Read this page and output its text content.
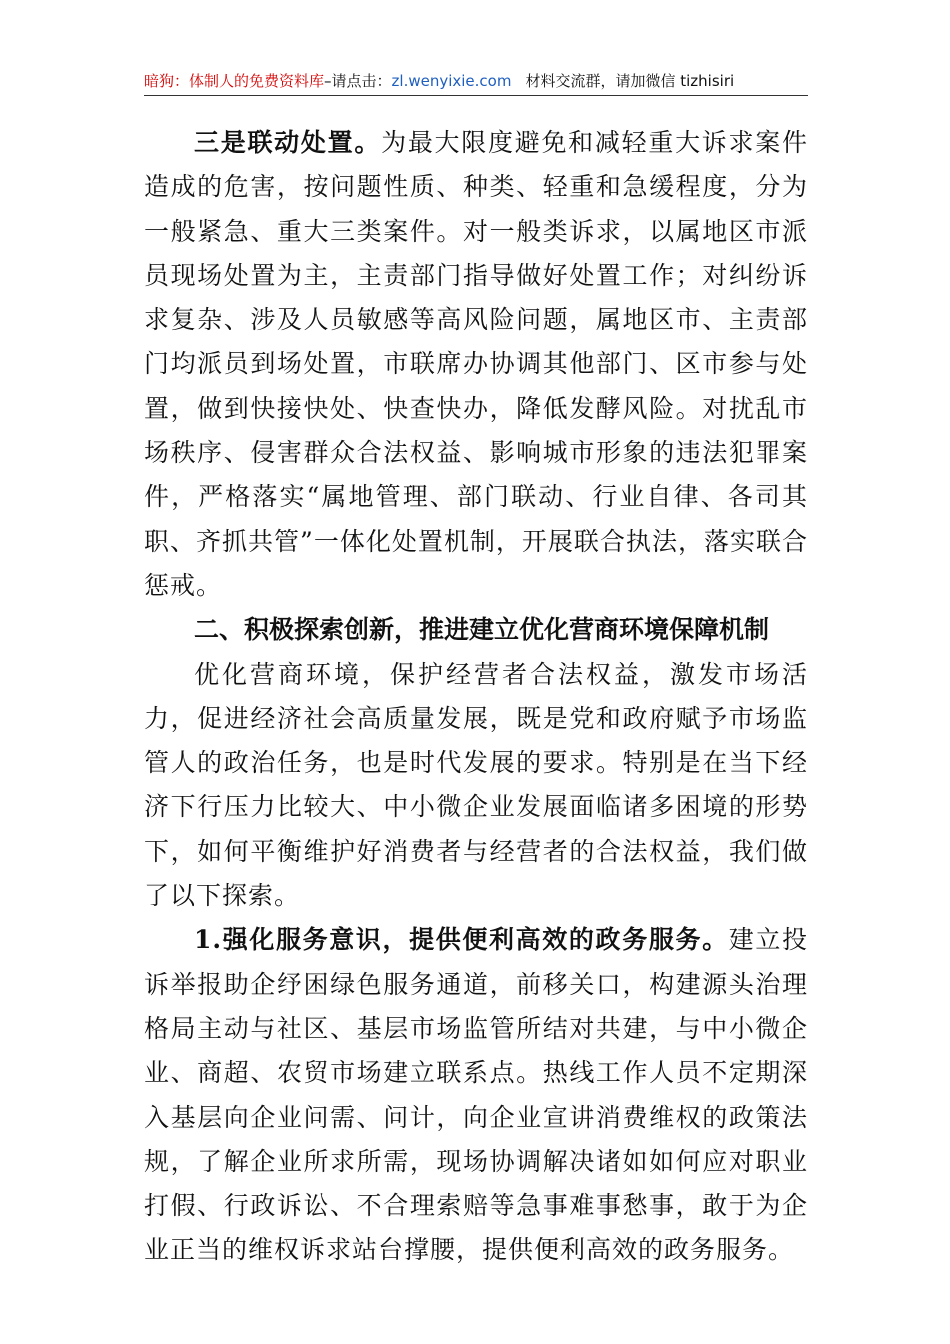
暗狗：体制人的免费资料库–请点击：zl.wenyixie.com 材料交流群，请加微信 tizhisiri

三是联动处置。为最大限度避免和减轻重大诉求案件造成的危害，按问题性质、种类、轻重和急缓程度，分为一般紧急、重大三类案件。对一般类诉求，以属地区市派员现场处置为主，主责部门指导做好处置工作；对纠纷诉求复杂、涉及人员敏感等高风险问题，属地区市、主责部门均派员到场处置，市联席办协调其他部门、区市参与处置，做到快接快处、快查快办，降低发酵风险。对扰乱市场秩序、侵害群众合法权益、影响城市形象的违法犯罪案件，严格落实“属地管理、部门联动、行业自律、各司其职、齐抓共管”一体化处置机制，开展联合执法，落实联合惩戒。

二、积极探索创新，推进建立优化营商环境保障机制

优化营商环境，保护经营者合法权益，激发市场活力，促进经济社会高质量发展，既是党和政府赋予市场监管人的政治任务，也是时代发展的要求。特别是在当下经济下行压力比较大、中小微企业发展面临诸多困境的形势下，如何平衡维护好消费者与经营者的合法权益，我们做了以下探索。

1.强化服务意识，提供便利高效的政务服务。建立投诉举报助企纾困绿色服务通道，前移关口，构建源头治理格局主动与社区、基层市场监管所结对共建，与中小微企业、商超、农贸市场建立联系点。热线工作人员不定期深入基层向企业问需、问计，向企业宣讲消费维权的政策法规，了解企业所求所需，现场协调解决诸如如何应对职业打假、行政诉讼、不合理索赔等急事难事愁事，敢于为企业正当的维权诉求站台撑腰，提供便利高效的政务服务。
